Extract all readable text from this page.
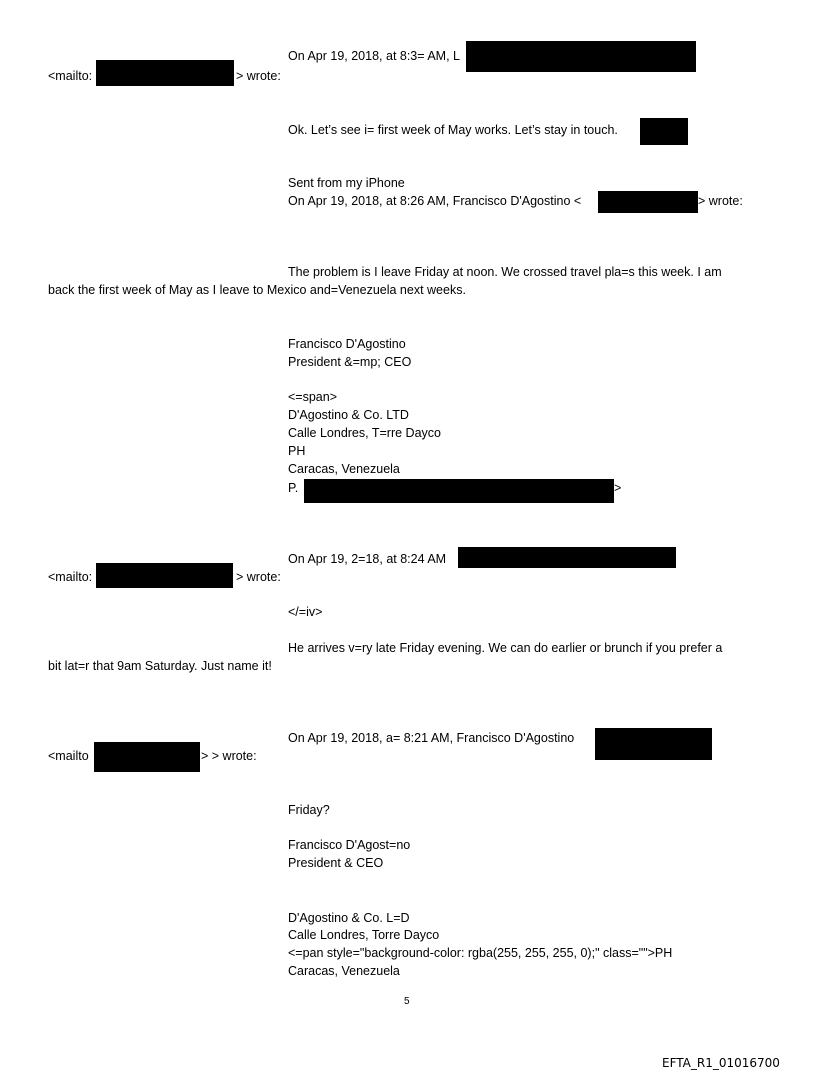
On Apr 19, 2018, at 8:3= AM, L
<mailto:	> wrote:
Ok. Let’s see i= first week of May works. Let’s stay in touch.
Sent from my iPhone
On Apr 19, 2018, at 8:26 AM, Francisco D'Agostino <	> wrote:
The problem is I leave Friday at noon. We crossed travel pla=s this week. I am
back the first week of May as I leave to Mexico and=Venezuela next weeks.
Francisco D'Agostino
President &=mp; CEO
<=span>
D'Agostino & Co. LTD
Calle Londres, T=rre Dayco
PH
Caracas, Venezuela
P.	>
On Apr 19, 2=18, at 8:24 AM
<mailto:	> wrote:
</=iv>
He arrives v=ry late Friday evening. We can do earlier or brunch if you prefer a
bit lat=r that 9am Saturday. Just name it!
On Apr 19, 2018, a= 8:21 AM, Francisco D'Agostino
<mailto	> > wrote:
Friday?
Francisco D'Agost=no
President & CEO
D'Agostino & Co. L=D
Calle Londres, Torre Dayco
<=pan style="background-color: rgba(255, 255, 255, 0);" class="">PH
Caracas, Venezuela
5
EFTA_R1_01016700
